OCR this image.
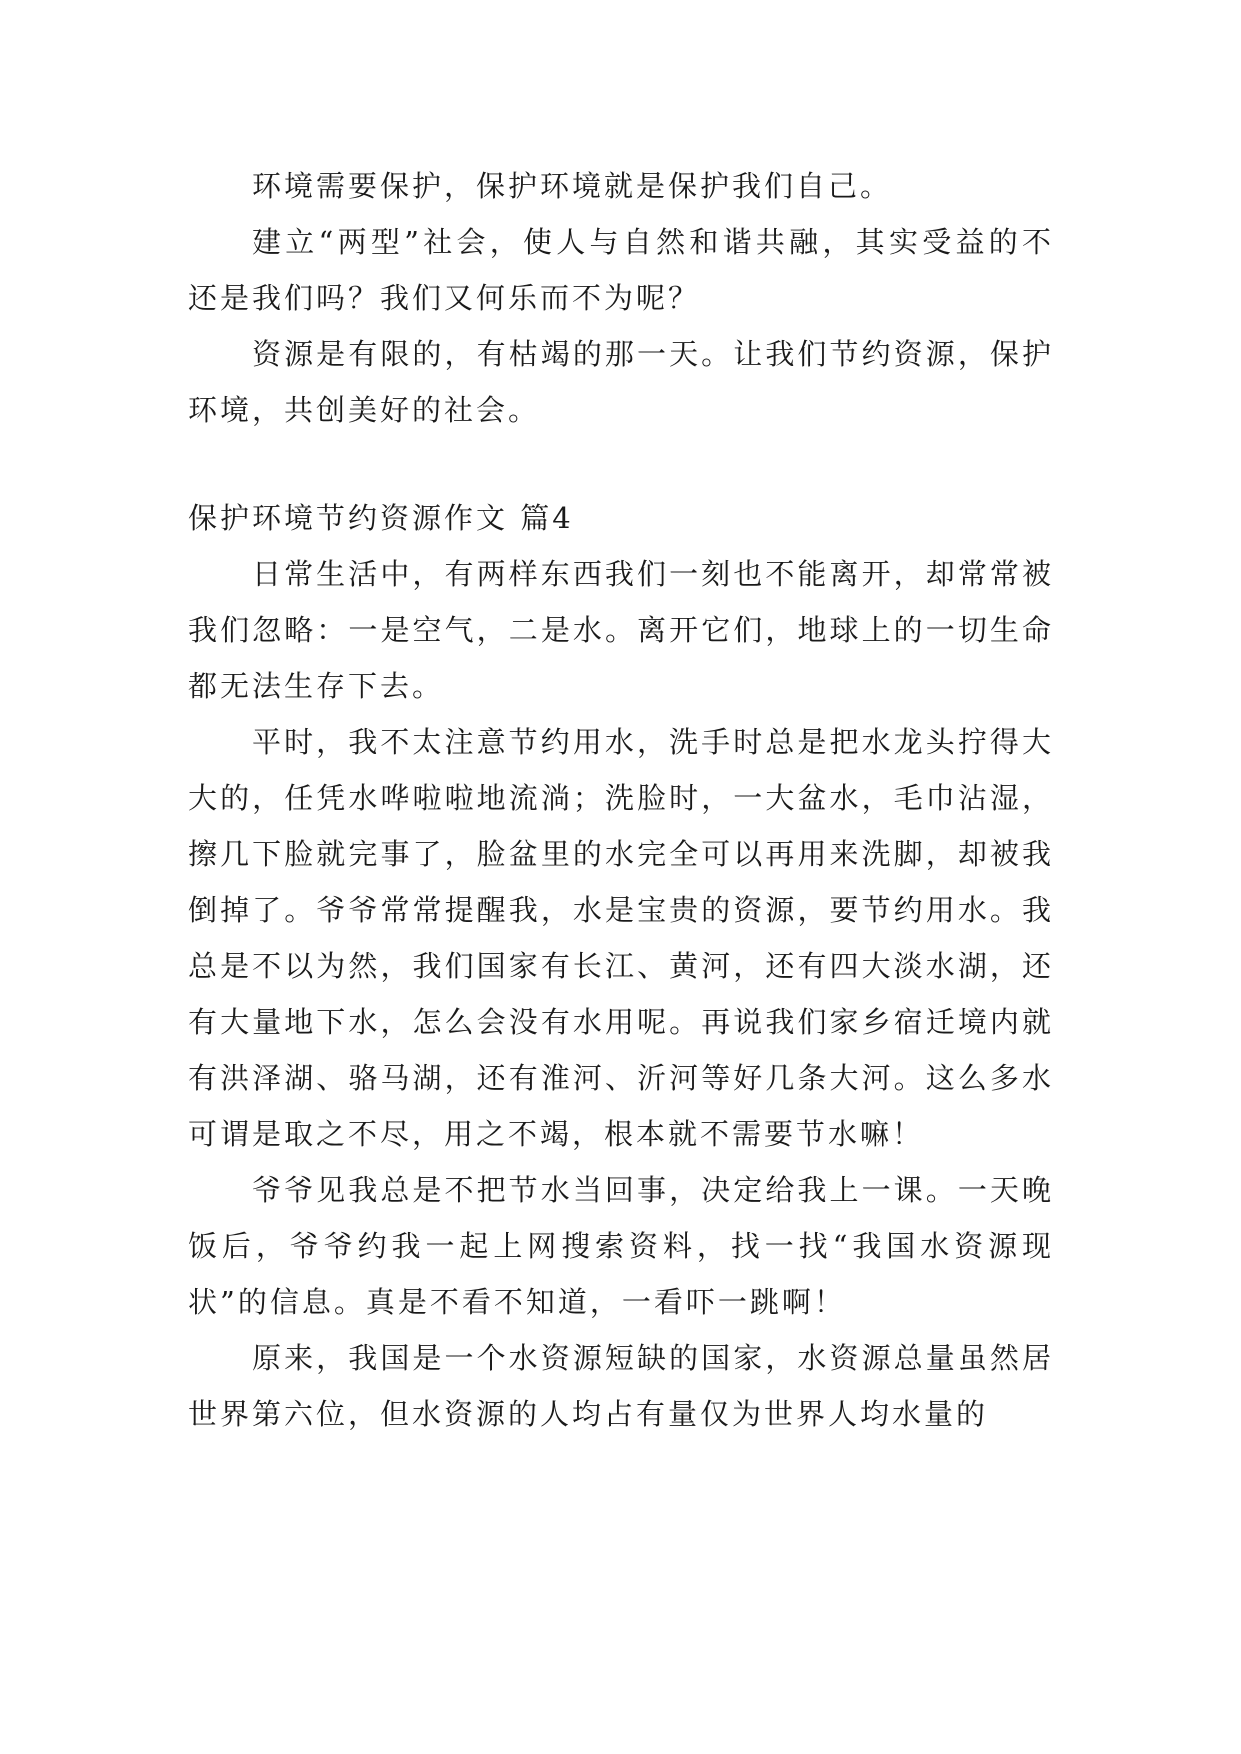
环境需要保护，保护环境就是保护我们自己。

建立“两型”社会，使人与自然和谐共融，其实受益的不还是我们吗？我们又何乐而不为呢？

资源是有限的，有枯竭的那一天。让我们节约资源，保护环境，共创美好的社会。

保护环境节约资源作文 篇4

日常生活中，有两样东西我们一刻也不能离开，却常常被我们忽略：一是空气，二是水。离开它们，地球上的一切生命都无法生存下去。

平时，我不太注意节约用水，洗手时总是把水龙头拧得大大的，任凭水哗啦啦地流淌；洗脸时，一大盆水，毛巾沾湿，擦几下脸就完事了，脸盆里的水完全可以再用来洗脚，却被我倒掉了。爷爷常常提醒我，水是宝贵的资源，要节约用水。我总是不以为然，我们国家有长江、黄河，还有四大淡水湖，还有大量地下水，怎么会没有水用呢。再说我们家乡宿迁境内就有洪泽湖、骆马湖，还有淮河、沂河等好几条大河。这么多水可谓是取之不尽，用之不竭，根本就不需要节水嘛！

爷爷见我总是不把节水当回事，决定给我上一课。一天晚饭后，爷爷约我一起上网搜索资料，找一找“我国水资源现状”的信息。真是不看不知道，一看吓一跳啊！

原来，我国是一个水资源短缺的国家，水资源总量虽然居世界第六位，但水资源的人均占有量仅为世界人均水量的
